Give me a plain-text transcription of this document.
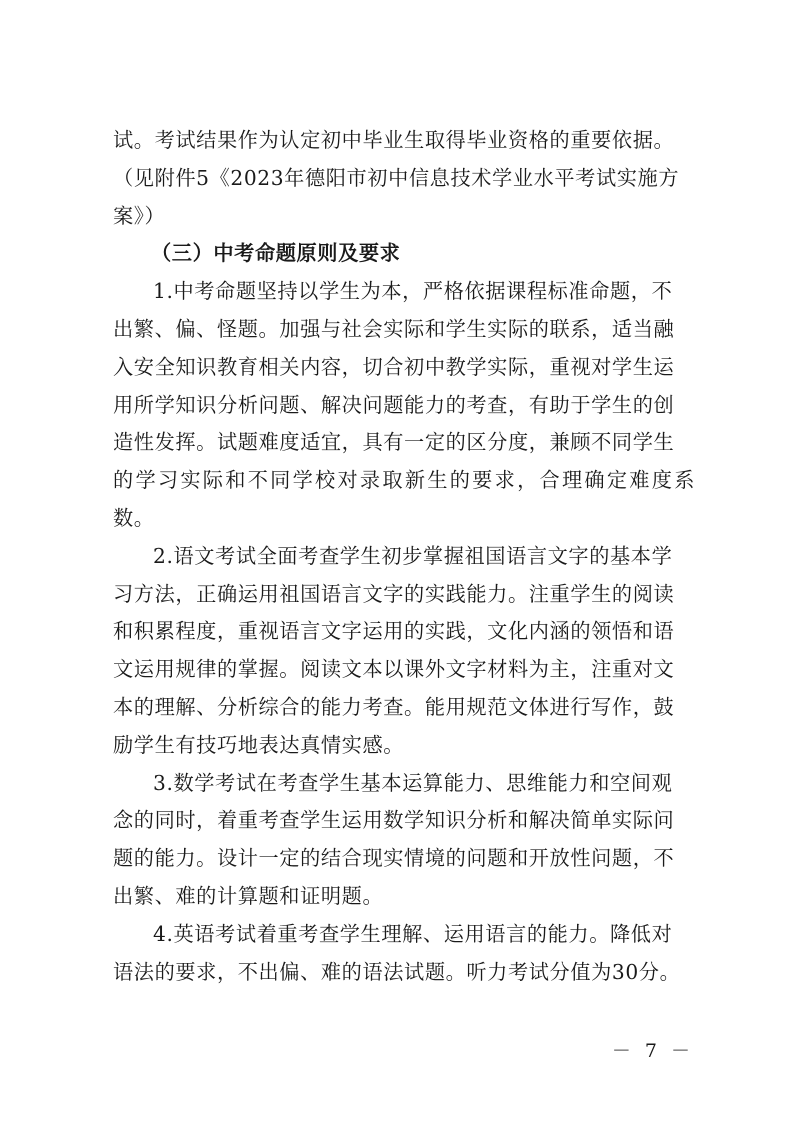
试。考试结果作为认定初中毕业生取得毕业资格的重要依据。
（见附件5《2023年德阳市初中信息技术学业水平考试实施方
案》）

（三）中考命题原则及要求

1.中考命题坚持以学生为本，严格依据课程标准命题，不
出繁、偏、怪题。加强与社会实际和学生实际的联系，适当融
入安全知识教育相关内容，切合初中教学实际，重视对学生运
用所学知识分析问题、解决问题能力的考查，有助于学生的创
造性发挥。试题难度适宜，具有一定的区分度，兼顾不同学生
的学习实际和不同学校对录取新生的要求，合理确定难度系数。

2.语文考试全面考查学生初步掌握祖国语言文字的基本学
习方法，正确运用祖国语言文字的实践能力。注重学生的阅读
和积累程度，重视语言文字运用的实践，文化内涵的领悟和语
文运用规律的掌握。阅读文本以课外文字材料为主，注重对文
本的理解、分析综合的能力考查。能用规范文体进行写作，鼓
励学生有技巧地表达真情实感。

3.数学考试在考查学生基本运算能力、思维能力和空间观
念的同时，着重考查学生运用数学知识分析和解决简单实际问
题的能力。设计一定的结合现实情境的问题和开放性问题，不
出繁、难的计算题和证明题。

4.英语考试着重考查学生理解、运用语言的能力。降低对
语法的要求，不出偏、难的语法试题。听力考试分值为30分。

－ 7 －
